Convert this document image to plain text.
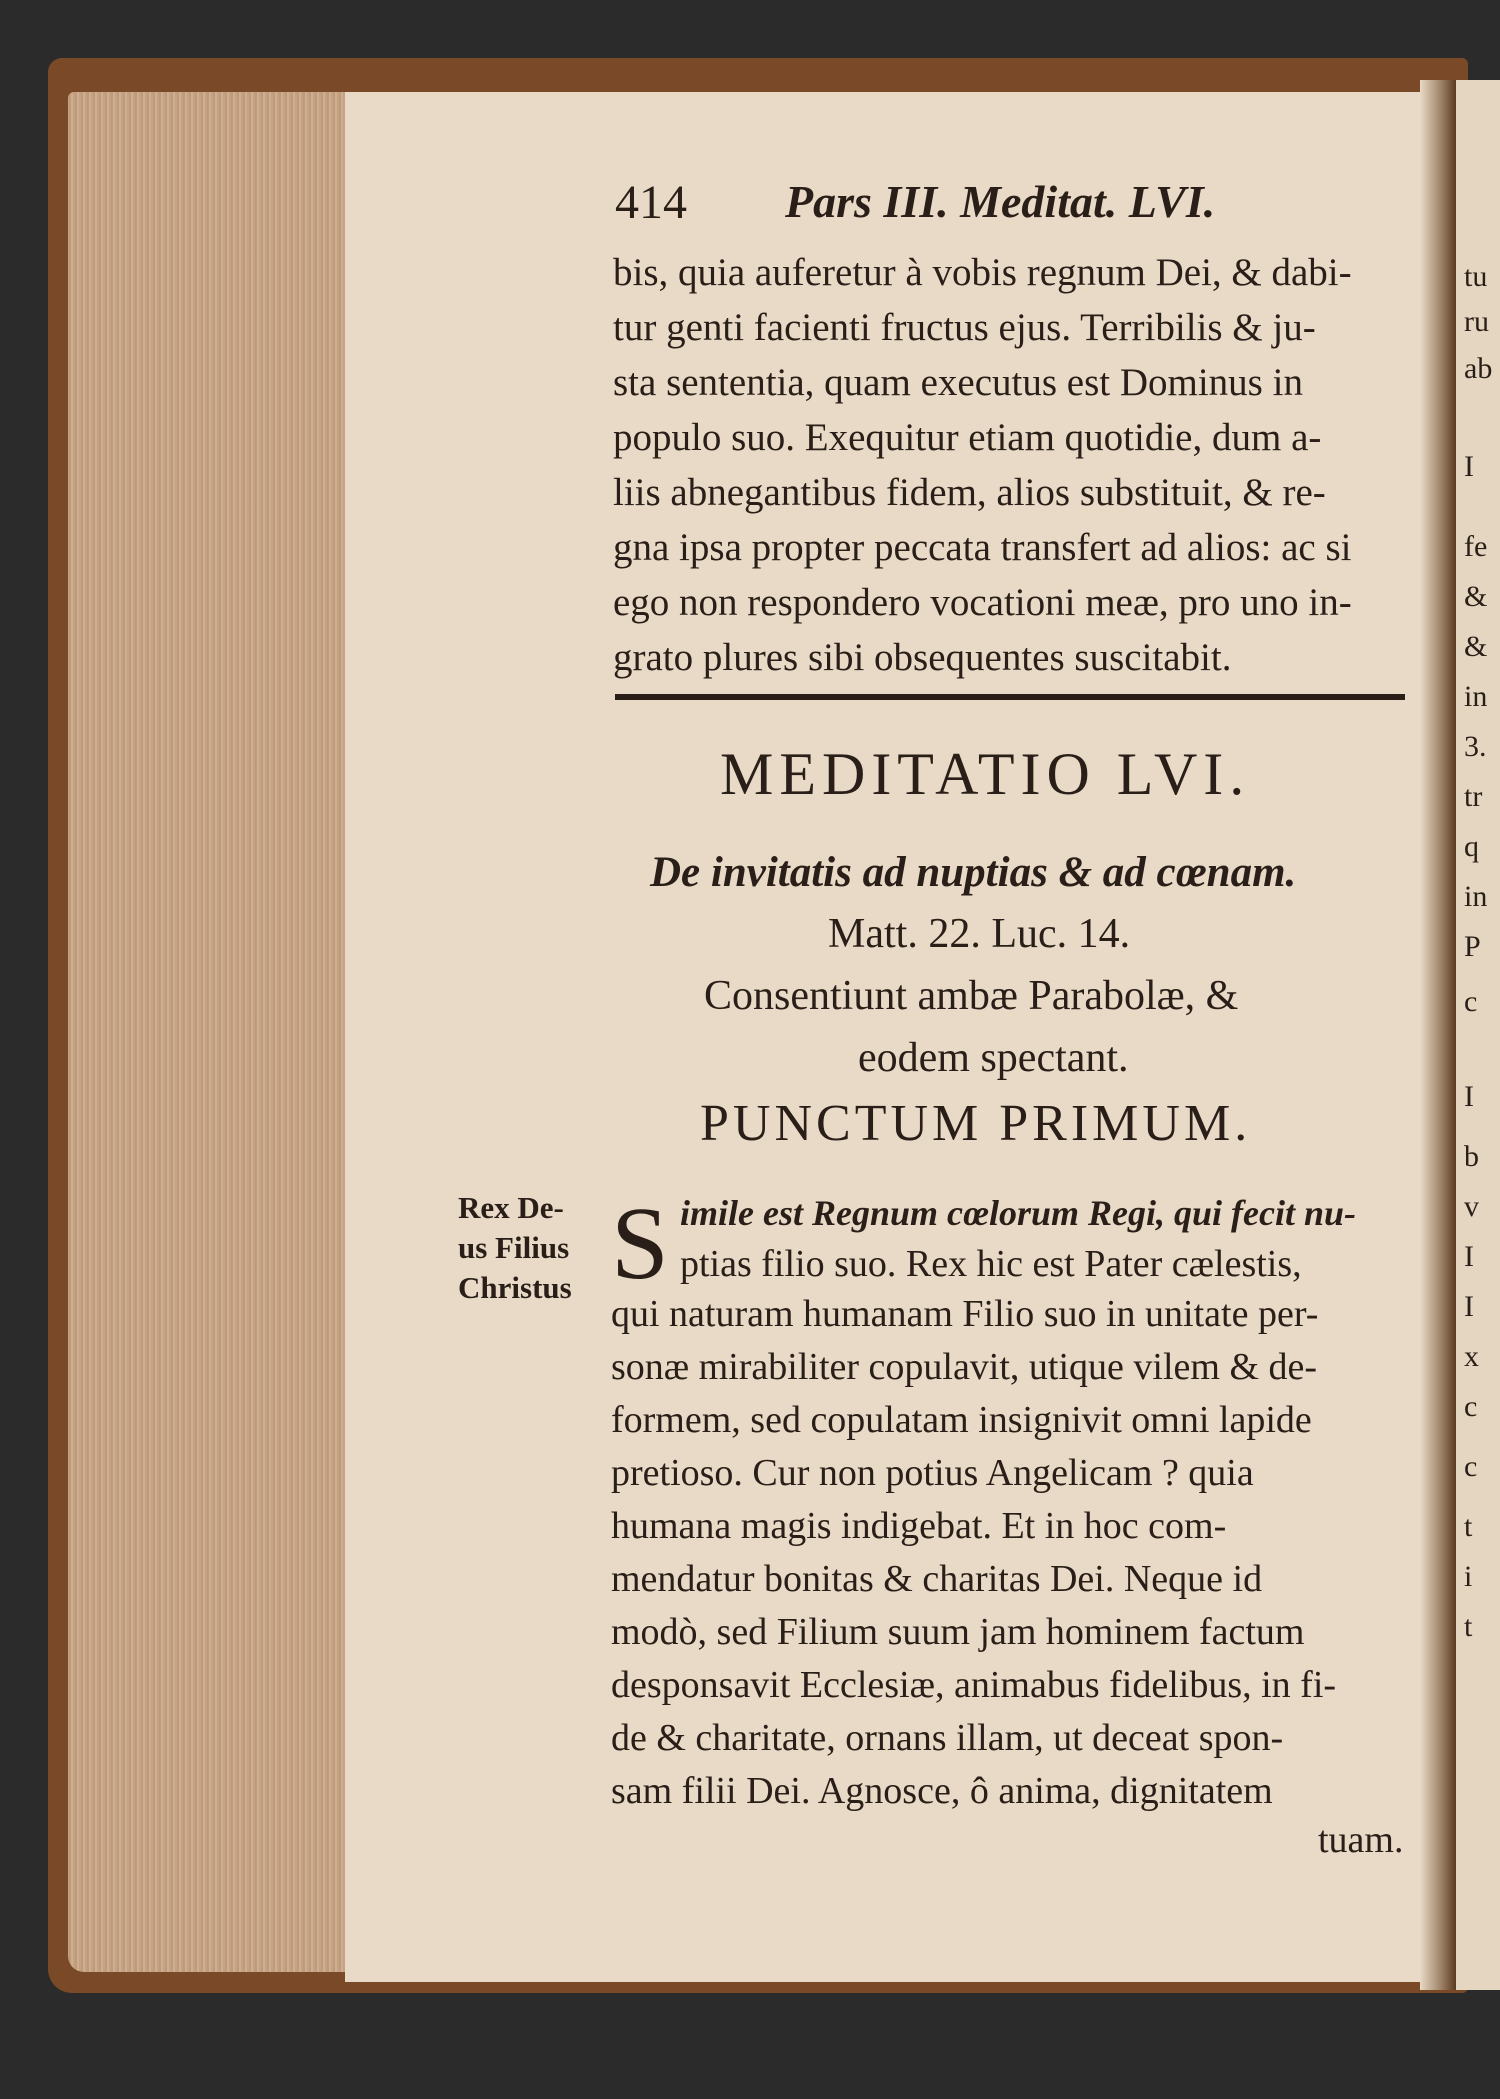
tu
ru
ab
I
fe
&
&
in
3.
tr
q
in
P
c
I
b
v
I
I
x
c
c
t
i
t
414 Pars III. Meditat. LVI.
bis, quia auferetur à vobis regnum Dei, & dabi-
tur genti facienti fructus ejus. Terribilis & ju-
sta sententia, quam executus est Dominus in
populo suo. Exequitur etiam quotidie, dum a-
liis abnegantibus fidem, alios substituit, & re-
gna ipsa propter peccata transfert ad alios: ac si
ego non respondero vocationi meæ, pro uno in-
grato plures sibi obsequentes suscitabit.
MEDITATIO LVI.
De invitatis ad nuptias & ad cœnam.
Matt. 22. Luc. 14.
Consentiunt ambæ Parabolæ, &
eodem spectant.
PUNCTUM PRIMUM.
Rex De-
us Filius
Christus S imile est Regnum cœlorum Regi, qui fecit nu-
ptias filio suo. Rex hic est Pater cælestis,
qui naturam humanam Filio suo in unitate per-
sonæ mirabiliter copulavit, utique vilem & de-
formem, sed copulatam insignivit omni lapide
pretioso. Cur non potius Angelicam ? quia
humana magis indigebat. Et in hoc com-
mendatur bonitas & charitas Dei. Neque id
modò, sed Filium suum jam hominem factum
desponsavit Ecclesiæ, animabus fidelibus, in fi-
de & charitate, ornans illam, ut deceat spon-
sam filii Dei. Agnosce, ô anima, dignitatem
tuam.
